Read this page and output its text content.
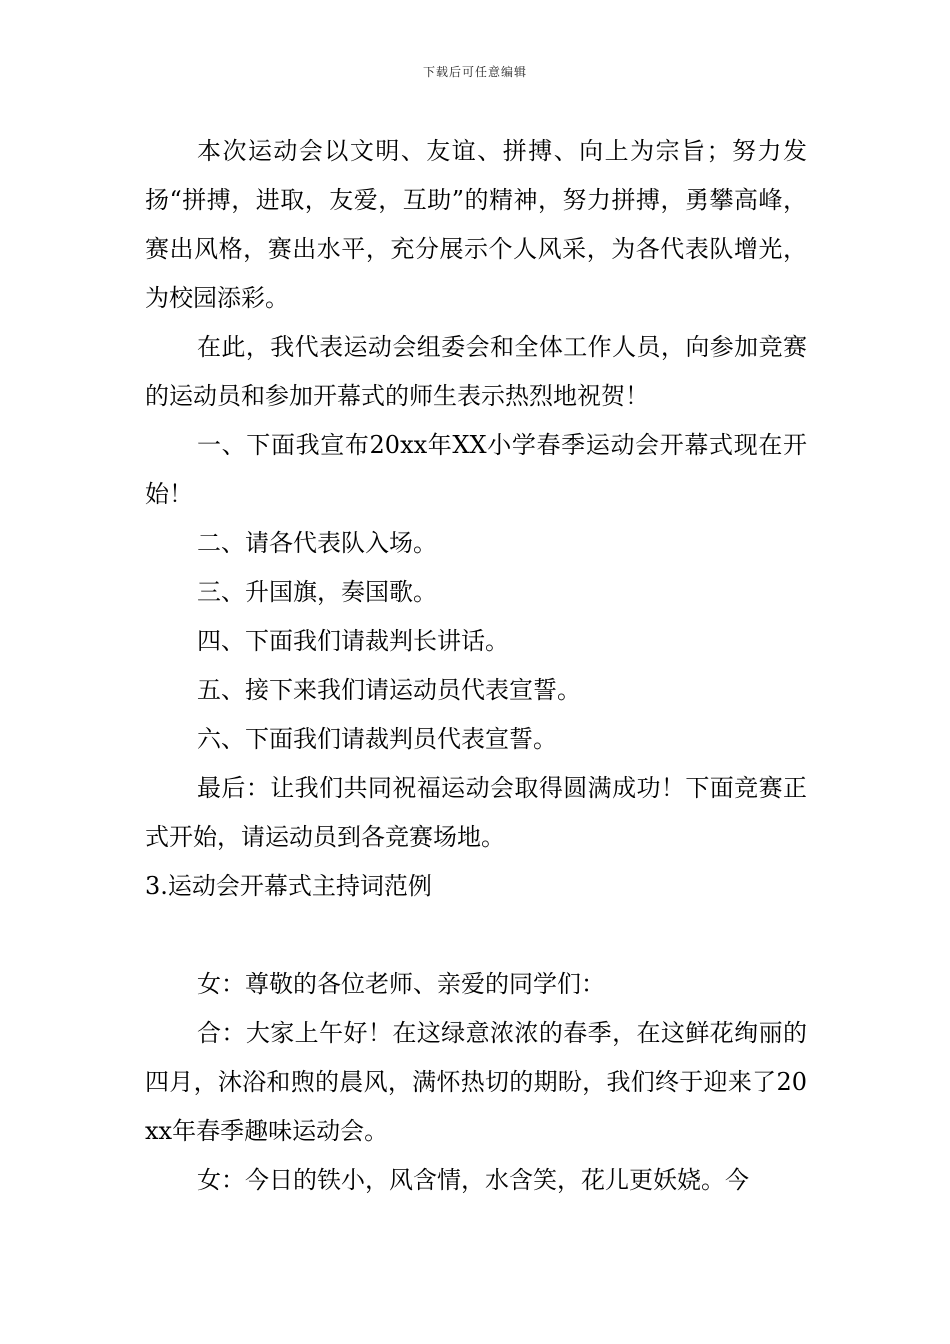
下载后可任意编辑

本次运动会以文明、友谊、拼搏、向上为宗旨；努力发扬“拼搏，进取，友爱，互助”的精神，努力拼搏，勇攀高峰，赛出风格，赛出水平，充分展示个人风采，为各代表队增光，为校园添彩。

在此，我代表运动会组委会和全体工作人员，向参加竞赛的运动员和参加开幕式的师生表示热烈地祝贺！

一、下面我宣布20xx年XX小学春季运动会开幕式现在开始！

二、请各代表队入场。

三、升国旗，奏国歌。

四、下面我们请裁判长讲话。

五、接下来我们请运动员代表宣誓。

六、下面我们请裁判员代表宣誓。

最后：让我们共同祝福运动会取得圆满成功！下面竞赛正式开始，请运动员到各竞赛场地。

3.运动会开幕式主持词范例

女：尊敬的各位老师、亲爱的同学们：

合：大家上午好！在这绿意浓浓的春季，在这鲜花绚丽的四月，沐浴和煦的晨风，满怀热切的期盼，我们终于迎来了20xx年春季趣味运动会。

女：今日的铁小，风含情，水含笑，花儿更妖娆。今
